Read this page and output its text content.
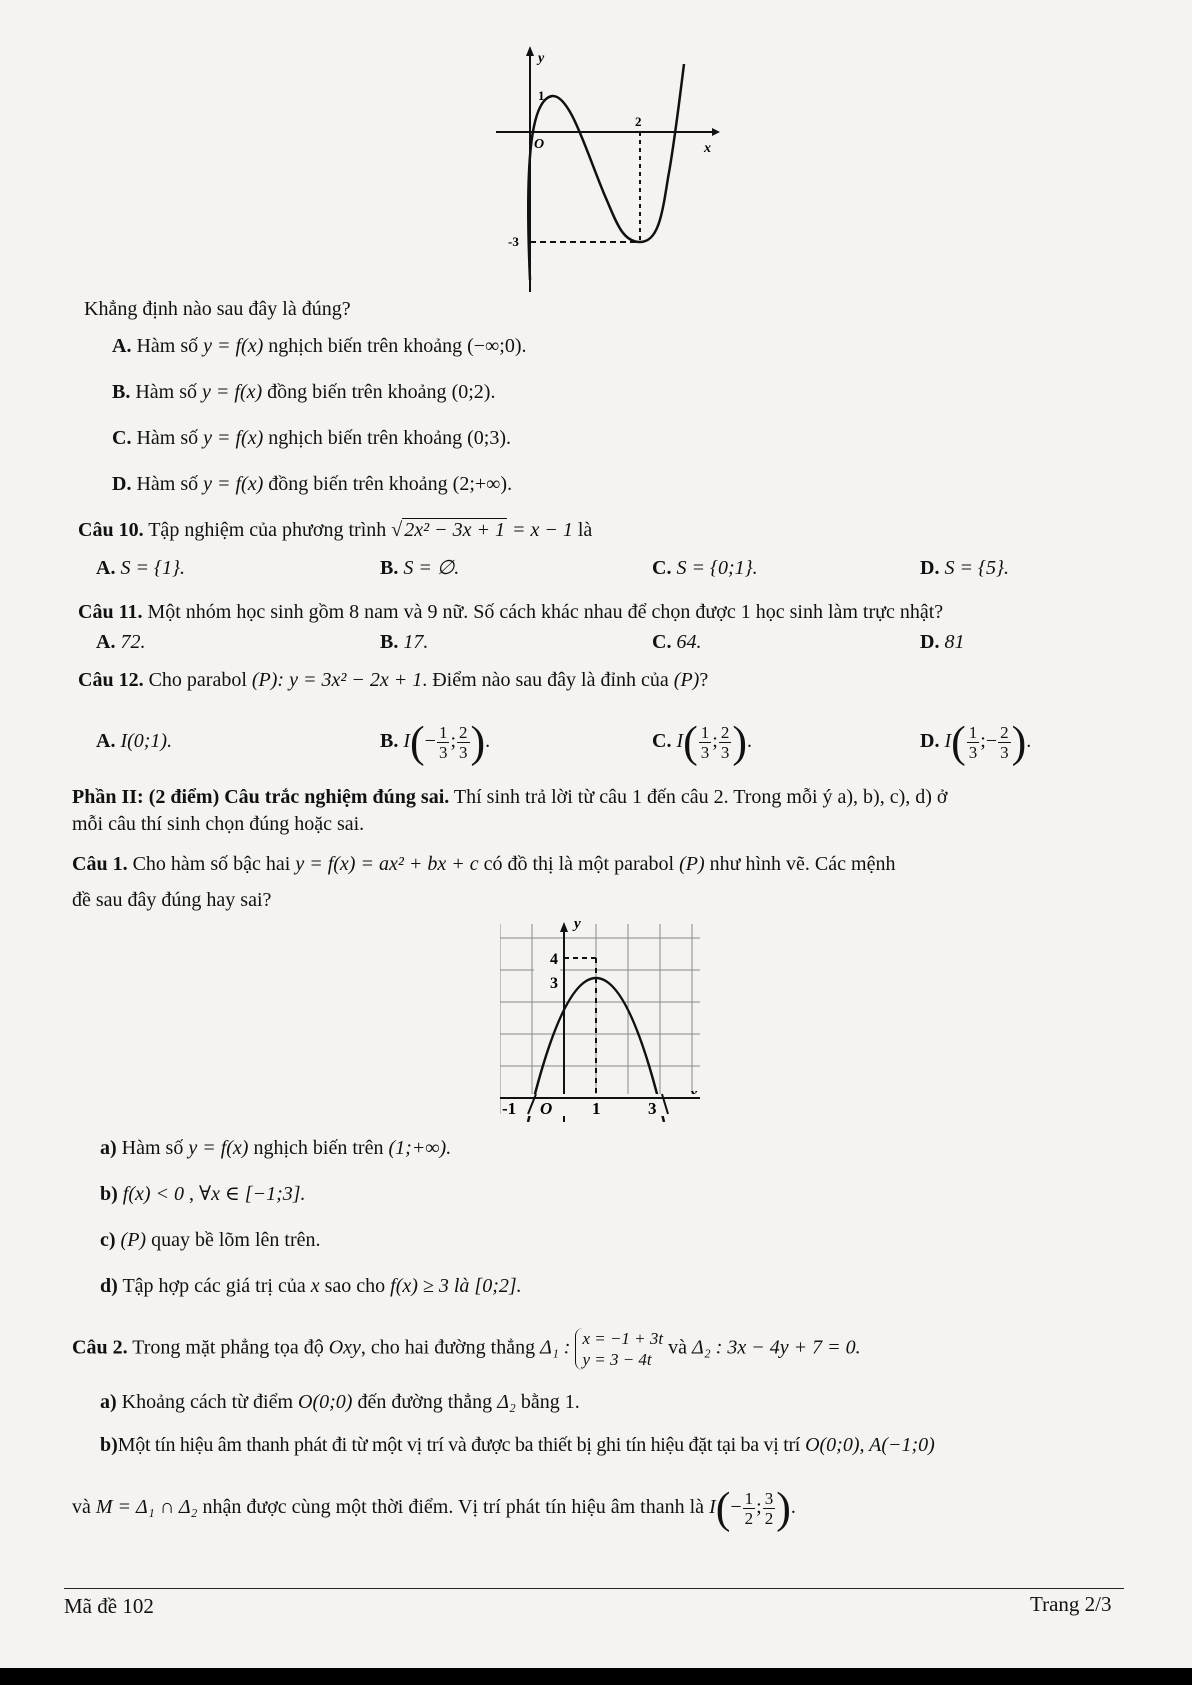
y
x
O
1
2
-3
Khẳng định nào sau đây là đúng?
A. Hàm số y = f(x) nghịch biến trên khoảng (−∞;0).
B. Hàm số y = f(x) đồng biến trên khoảng (0;2).
C. Hàm số y = f(x) nghịch biến trên khoảng (0;3).
D. Hàm số y = f(x) đồng biến trên khoảng (2;+∞).
Câu 10. Tập nghiệm của phương trình √ 2x² − 3x + 1 = x − 1 là
A. S = {1}.	B. S = ∅.	C. S = {0;1}.	D. S = {5}.
Câu 11. Một nhóm học sinh gồm 8 nam và 9 nữ. Số cách khác nhau để chọn được 1 học sinh làm trực nhật?
A. 72.	B. 17.	C. 64.	D. 81
Câu 12. Cho parabol (P): y = 3x² − 2x + 1. Điểm nào sau đây là đỉnh của (P)?
A. I(0;1).	B. $I(- \frac{1}{3}$ ; $\frac{2}{3}$ ).	C. $I( \frac{1}{3}$ ; $\frac{2}{3}$ ).	D. $I( \frac{1}{3}$ ;− $\frac{2}{3}$ ).
Phần II: (2 điểm) Câu trắc nghiệm đúng sai. Thí sinh trả lời từ câu 1 đến câu 2. Trong mỗi ý a), b), c), d) ở
mỗi câu thí sinh chọn đúng hoặc sai.
Câu 1. Cho hàm số bậc hai y = f(x) = ax² + bx + c có đồ thị là một parabol (P) như hình vẽ. Các mệnh
đề sau đây đúng hay sai?
y
4
3
-1 O 1	3
a) Hàm số y = f(x) nghịch biến trên (1;+∞).
b) f(x) < 0 , ∀x ∈ [−1;3].
c) (P) quay bề lõm lên trên.
d) Tập hợp các giá trị của x sao cho f(x) ≥ 3 là [0;2].
Câu 2. Trong mặt phẳng tọa độ Oxy, cho hai đường thẳng Δ₁ : x = −1 + 3t
y = 3 − 4t
và Δ₂ : 3x − 4y + 7 = 0.
a) Khoảng cách từ điểm O(0;0) đến đường thẳng Δ₂ bằng 1.
b)Một tín hiệu âm thanh phát đi từ một vị trí và được ba thiết bị ghi tín hiệu đặt tại ba vị trí O(0;0), A(−1;0)
và M = Δ₁ ∩ Δ₂ nhận được cùng một thời điểm. Vị trí phát tín hiệu âm thanh là $I(- \frac{1}{2}$ ; $\frac{3}{2}$ ).
Mã đề 102	Trang 2/3
